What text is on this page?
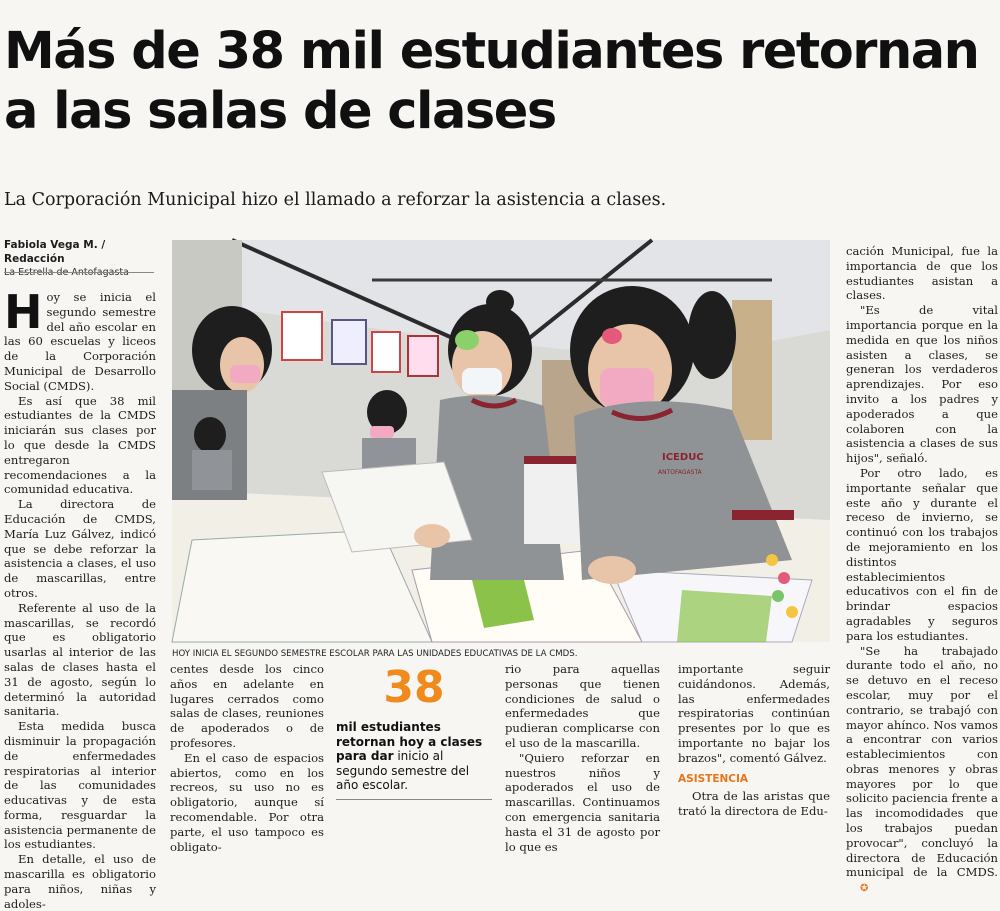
Más de 38 mil estudiantes retornan a las salas de clases
La Corporación Municipal hizo el llamado a reforzar la asistencia a clases.
Fabiola Vega M. / Redacción

Hoy se inicia el segundo semestre del año escolar en las 60 escuelas y liceos de la Corporación Municipal de Desarrollo Social (CMDS).

Es así que 38 mil estudiantes de la CMDS iniciarán sus clases por lo que desde la CMDS entregaron recomendaciones a la comunidad educativa.

La directora de Educación de CMDS, María Luz Gálvez, indicó que se debe reforzar la asistencia a clases, el uso de mascarillas, entre otros.

Referente al uso de la mascarillas, se recordó que es obligatorio usarlas al interior de las salas de clases hasta el 31 de agosto, según lo determinó la autoridad sanitaria.

Esta medida busca disminuir la propagación de enfermedades respiratorias al interior de las comunidades educativas y de esta forma, resguardar la asistencia permanente de los estudiantes.

En detalle, el uso de mascarilla es obligatorio para niños, niñas y adoles-

ICEDUC
ANTOFAGASTA
HOY INICIA EL SEGUNDO SEMESTRE ESCOLAR PARA LAS UNIDADES EDUCATIVAS DE LA CMDS.

centes desde los cinco años en adelante en lugares cerrados como salas de clases, reuniones de apoderados o de profesores.

En el caso de espacios abiertos, como en los recreos, su uso no es obligatorio, aunque sí recomendable. Por otra parte, el uso tampoco es obligato-

38
mil estudiantes retornan hoy a clases para dar inicio al segundo semestre del año escolar.

rio para aquellas personas que tienen condiciones de salud o enfermedades que pudieran complicarse con el uso de la mascarilla.

"Quiero reforzar en nuestros niños y apoderados el uso de mascarillas. Continuamos con emergencia sanitaria hasta el 31 de agosto por lo que es

importante seguir cuidándonos. Además, las enfermedades respiratorias continúan presentes por lo que es importante no bajar los brazos", comentó Gálvez.

ASISTENCIA

Otra de las aristas que trató la directora de Edu-

cación Municipal, fue la importancia de que los estudiantes asistan a clases.

"Es de vital importancia porque en la medida en que los niños asisten a clases, se generan los verdaderos aprendizajes. Por eso invito a los padres y apoderados a que colaboren con la asistencia a clases de sus hijos", señaló.

Por otro lado, es importante señalar que este año y durante el receso de invierno, se continuó con los trabajos de mejoramiento en los distintos establecimientos educativos con el fin de brindar espacios agradables y seguros para los estudiantes.

"Se ha trabajado durante todo el año, no se detuvo en el receso escolar, muy por el contrario, se trabajó con mayor ahínco. Nos vamos a encontrar con varios establecimientos con obras menores y obras mayores por lo que solicito paciencia frente a las incomodidades que los trabajos puedan provocar", concluyó la directora de Educación municipal de la CMDS. ✪
